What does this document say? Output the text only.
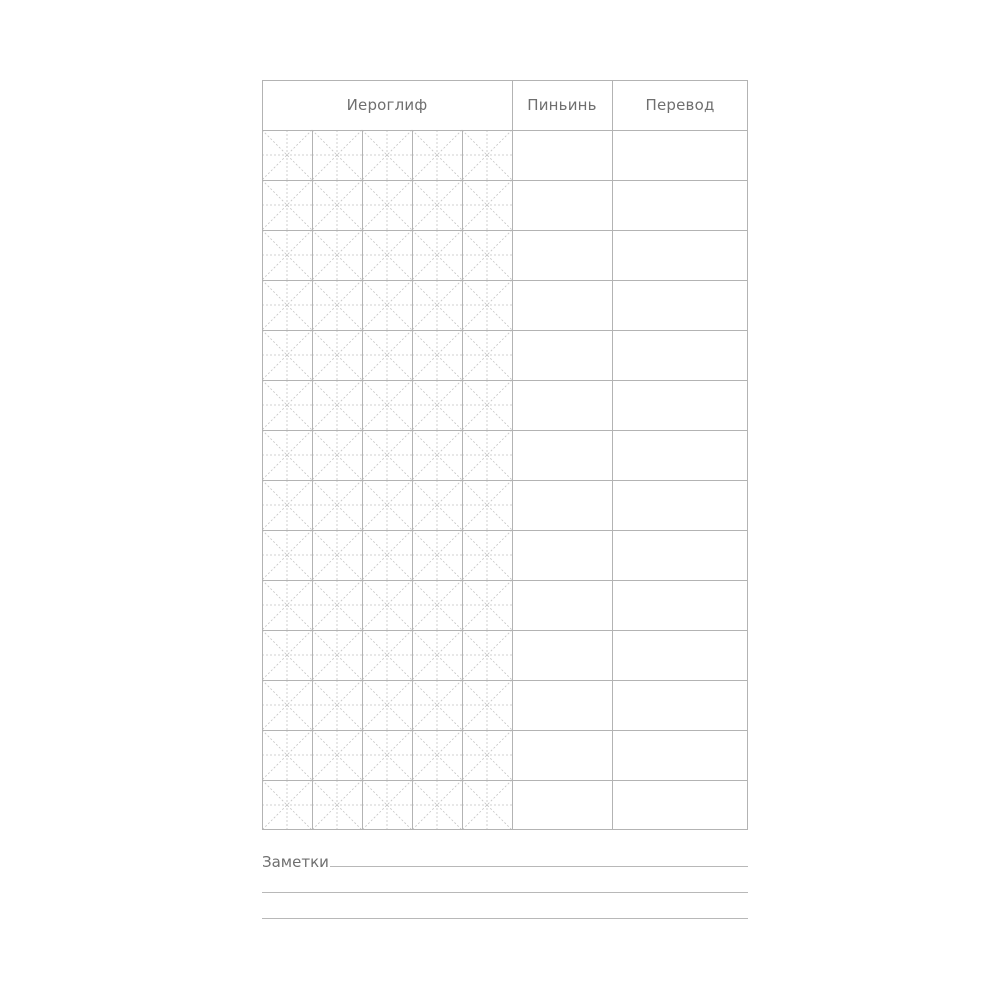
Иероглиф	Пиньинь	Перевод
Заметки
